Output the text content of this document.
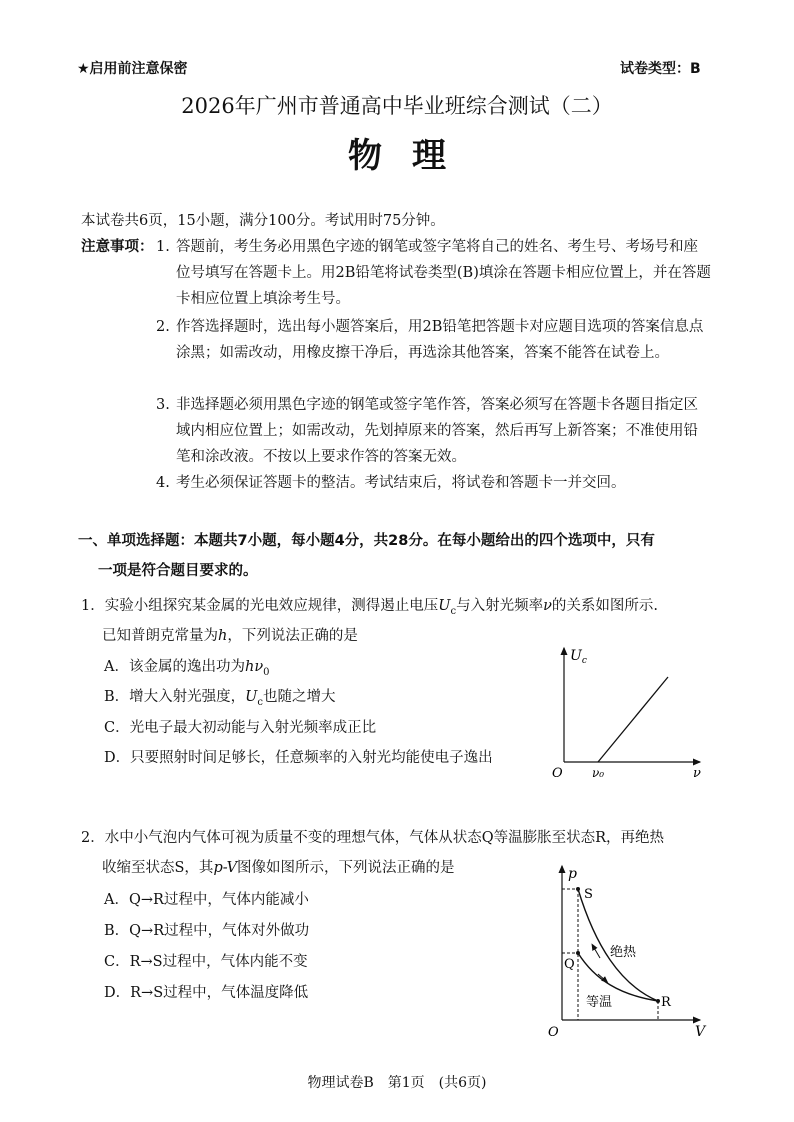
★启用前注意保密	试卷类型：B
2026年广州市普通高中毕业班综合测试（二）
物理
本试卷共6页，15小题，满分100分。考试用时75分钟。
注意事项： 1. 答题前，考生务必用黑色字迹的钢笔或签字笔将自己的姓名、考生号、考场号和座位号填写在答题卡上。用2B铅笔将试卷类型(B)填涂在答题卡相应位置上，并在答题卡相应位置上填涂考生号。
2. 作答选择题时，选出每小题答案后，用2B铅笔把答题卡对应题目选项的答案信息点涂黑；如需改动，用橡皮擦干净后，再选涂其他答案，答案不能答在试卷上。
3. 非选择题必须用黑色字迹的钢笔或签字笔作答，答案必须写在答题卡各题目指定区域内相应位置上；如需改动，先划掉原来的答案，然后再写上新答案；不准使用铅笔和涂改液。不按以上要求作答的答案无效。
4. 考生必须保证答题卡的整洁。考试结束后，将试卷和答题卡一并交回。
一、单项选择题：本题共7小题，每小题4分，共28分。在每小题给出的四个选项中，只有
一项是符合题目要求的。
1．实验小组探究某金属的光电效应规律，测得遏止电压$U_c$与入射光频率ν的关系如图所示.
已知普朗克常量为h，下列说法正确的是
A．该金属的逸出功为$h\nu_0$
B．增大入射光强度，$U_c$也随之增大
C．光电子最大初动能与入射光频率成正比
D．只要照射时间足够长，任意频率的入射光均能使电子逸出
$U_c$
O ν₀	ν
2．水中小气泡内气体可视为质量不变的理想气体，气体从状态Q等温膨胀至状态R，再绝热
收缩至状态S，其p-V图像如图所示，下列说法正确的是
A．Q→R过程中，气体内能减小
B．Q→R过程中，气体对外做功
C．R→S过程中，气体内能不变
D．R→S过程中，气体温度降低
p
V
O
S
Q
R
绝热
等温
物理试卷B　第1页　(共6页)
